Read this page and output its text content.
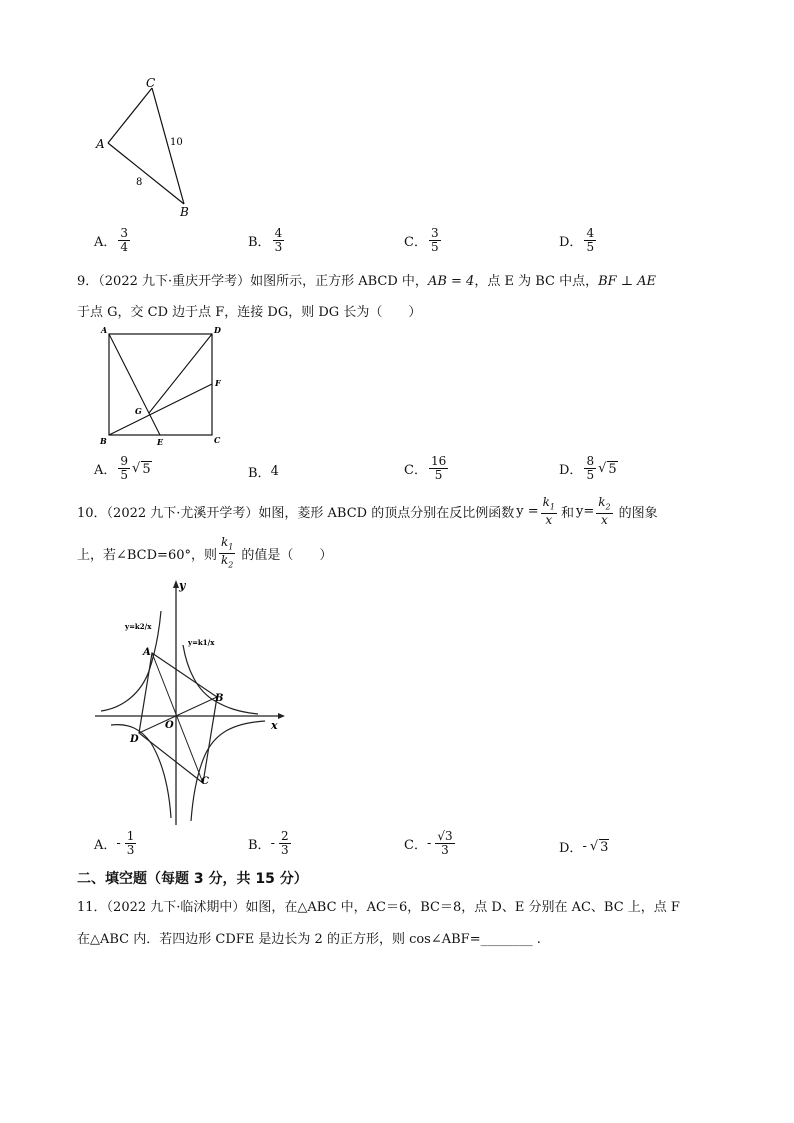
C
A
B
10
8
A． $\frac{3}{4}$	B． $\frac{4}{3}$	C． $\frac{3}{5}$	D． $\frac{4}{5}$
9．（2022 九下·重庆开学考）如图所示，正方形 ABCD 中，AB = 4，点 E 为 BC 中点，BF ⊥ AE
于点 G，交 CD 边于点 F，连接 DG，则 DG 长为（　　）
A	D
F
G
B	E	C
A． $\frac{9}{5}$ √ 5	B． 4	C． $\frac{16}{5}$	D． $\frac{8}{5}$ √ 5
10．（2022 九下·尤溪开学考）如图，菱形 ABCD 的顶点分别在反比例函数 $y = \frac{k_1}{x}$ 和 $y= \frac{k_2}{x}$ 的图象
上，若∠BCD=60°，则 $\frac{k_1}{k_2}$ 的值是（　　）
y
x
O
A
B
C
D
y=k2/x
y=k1/x
A． - $\frac{1}{3}$	B． - $\frac{2}{3}$	C． - $\frac{√3}{3}$	D． - √ 3
二、填空题（每题 3 分，共 15 分）
11．（2022 九下·临沭期中）如图，在△ABC 中，AC＝6，BC＝8，点 D、E 分别在 AC、BC 上，点 F
在△ABC 内．若四边形 CDFE 是边长为 2 的正方形，则 cos∠ABF=________ .
